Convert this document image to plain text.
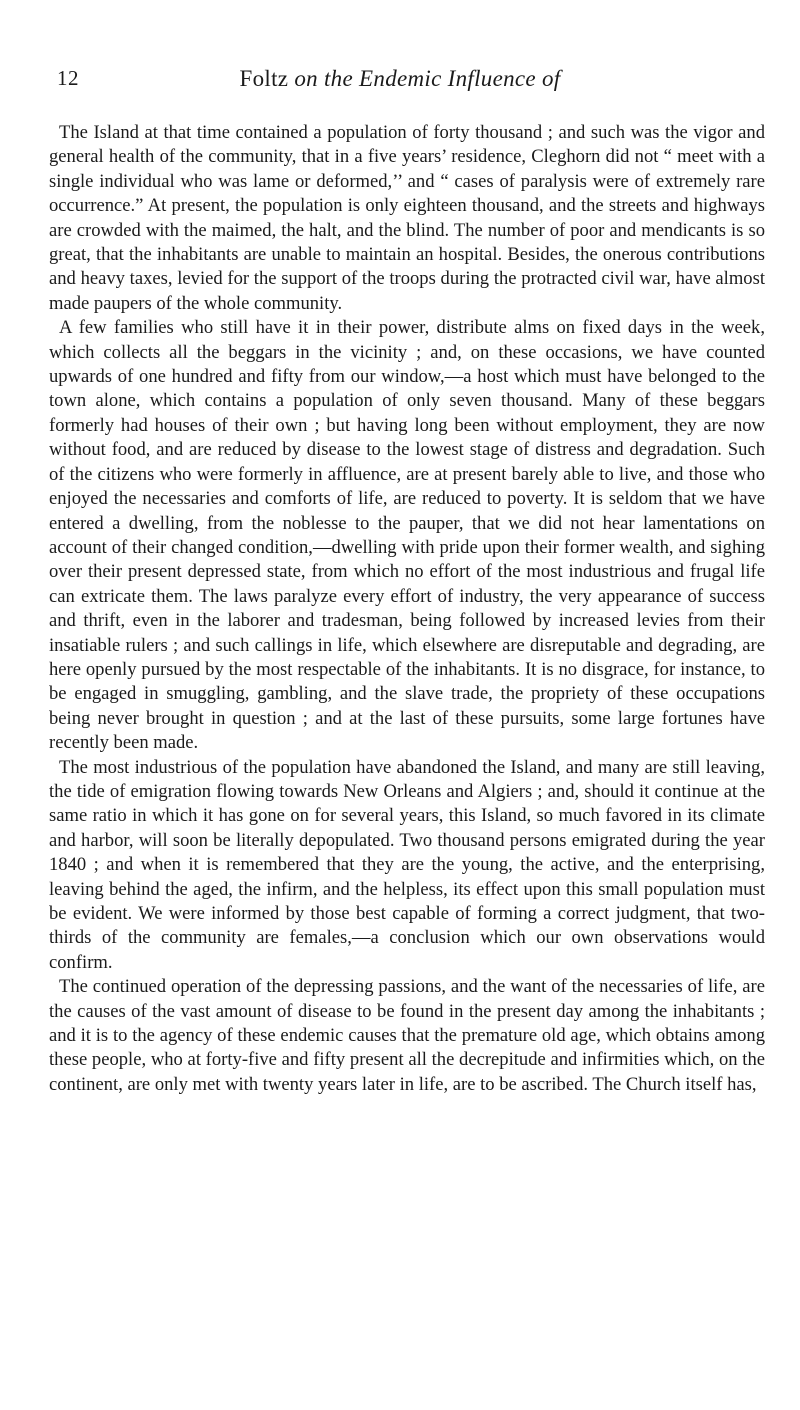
12	Foltz on the Endemic Influence of

The Island at that time contained a population of forty thousand ; and such was the vigor and general health of the community, that in a five years’ residence, Cleghorn did not “ meet with a single individual who was lame or deformed,’’ and “ cases of paralysis were of extremely rare occurrence.” At present, the population is only eighteen thousand, and the streets and highways are crowded with the maimed, the halt, and the blind. The number of poor and mendicants is so great, that the inhabitants are unable to maintain an hospital. Besides, the onerous contributions and heavy taxes, levied for the support of the troops during the protracted civil war, have almost made paupers of the whole community.

A few families who still have it in their power, distribute alms on fixed days in the week, which collects all the beggars in the vicinity ; and, on these occasions, we have counted upwards of one hundred and fifty from our window,—a host which must have belonged to the town alone, which contains a population of only seven thousand. Many of these beggars formerly had houses of their own ; but having long been without employment, they are now without food, and are reduced by disease to the lowest stage of distress and degradation. Such of the citizens who were formerly in affluence, are at present barely able to live, and those who enjoyed the necessaries and comforts of life, are reduced to poverty. It is seldom that we have entered a dwelling, from the noblesse to the pauper, that we did not hear lamentations on account of their changed condition,—dwelling with pride upon their former wealth, and sighing over their present depressed state, from which no effort of the most industrious and frugal life can extricate them. The laws paralyze every effort of industry, the very appearance of success and thrift, even in the laborer and tradesman, being followed by increased levies from their insatiable rulers ; and such callings in life, which elsewhere are disreputable and degrading, are here openly pursued by the most respectable of the inhabitants. It is no disgrace, for instance, to be engaged in smuggling, gambling, and the slave trade, the propriety of these occupations being never brought in question ; and at the last of these pursuits, some large fortunes have recently been made.

The most industrious of the population have abandoned the Island, and many are still leaving, the tide of emigration flowing towards New Orleans and Algiers ; and, should it continue at the same ratio in which it has gone on for several years, this Island, so much favored in its climate and harbor, will soon be literally depopulated. Two thousand persons emigrated during the year 1840 ; and when it is remembered that they are the young, the active, and the enterprising, leaving behind the aged, the infirm, and the helpless, its effect upon this small population must be evident. We were informed by those best capable of forming a correct judgment, that two-thirds of the community are females,—a conclusion which our own observations would confirm.

The continued operation of the depressing passions, and the want of the necessaries of life, are the causes of the vast amount of disease to be found in the present day among the inhabitants ; and it is to the agency of these endemic causes that the premature old age, which obtains among these people, who at forty-five and fifty present all the decrepitude and infirmities which, on the continent, are only met with twenty years later in life, are to be ascribed. The Church itself has,
